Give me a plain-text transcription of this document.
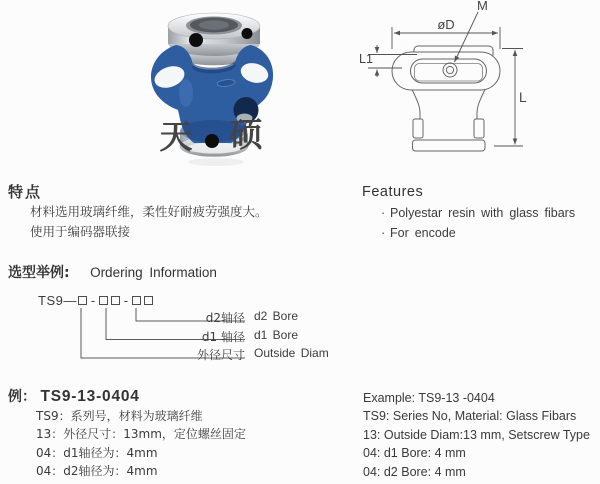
天 硕
øD
M
L1
L
特点
材料选用玻璃纤维，柔性好耐疲劳强度大。
使用于编码器联接
Features
· Polyestar resin with glass fibars
· For encode
选型举例: Ordering Information
TS9 — - -
d2轴径 d2 Bore
d1 轴径 d1 Bore
外径尺寸 Outside Diam
例： TS9-13-0404
TS9：系列号，材料为玻璃纤维
13：外径尺寸：13mm，定位螺丝固定
04：d1轴径为：4mm
04：d2轴径为：4mm
Example: TS9-13 -0404
TS9: Series No, Material: Glass Fibars
13: Outside Diam:13 mm, Setscrew Type
04: d1 Bore: 4 mm
04: d2 Bore: 4 mm
